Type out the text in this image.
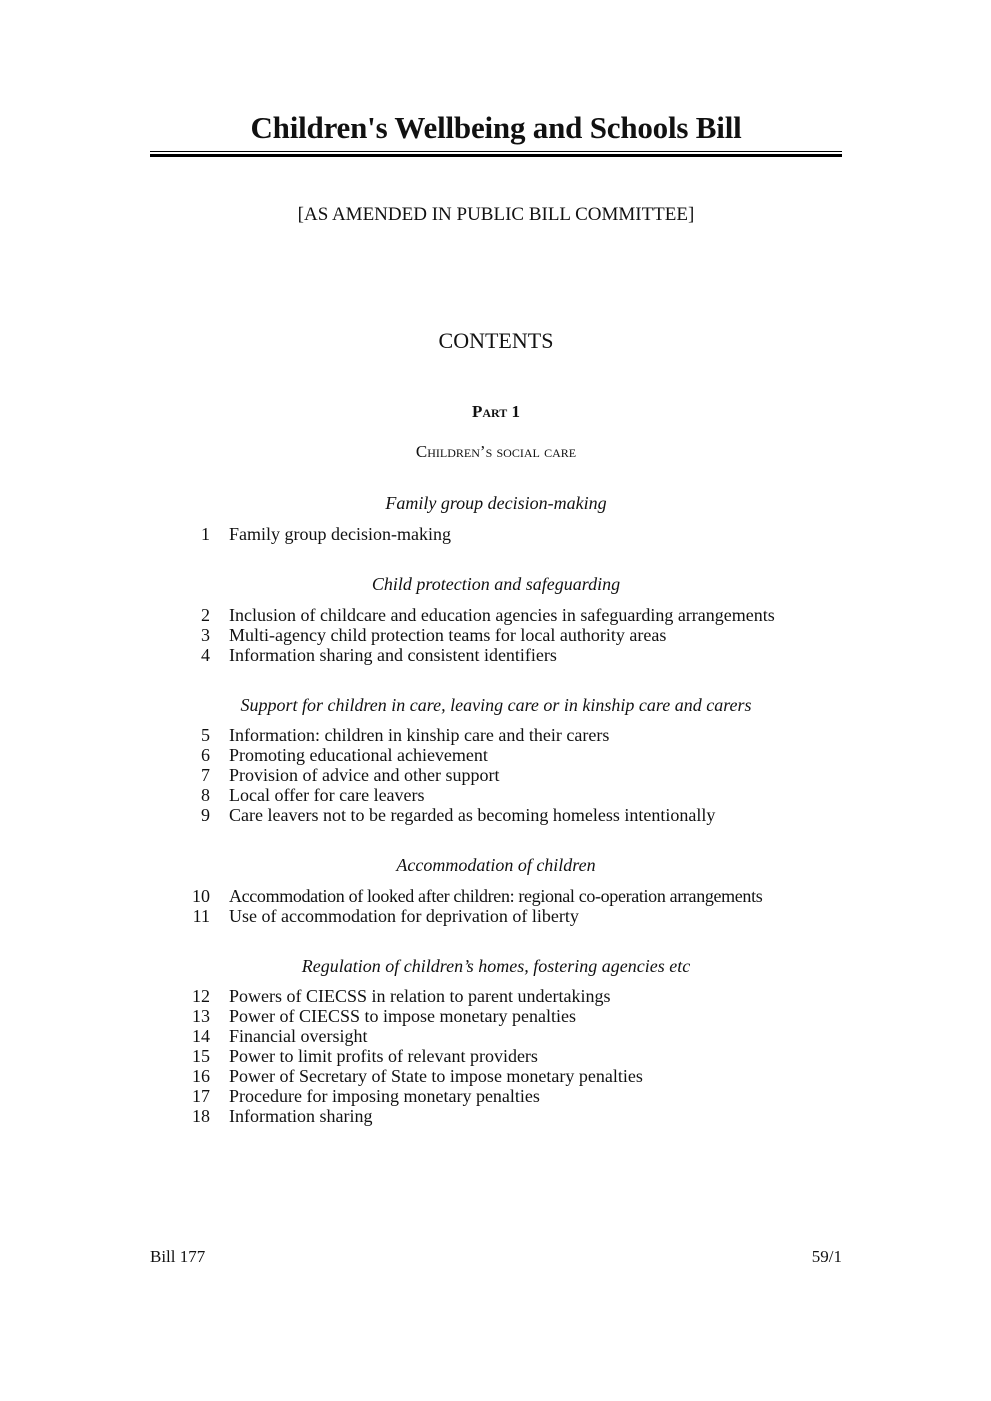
Children's Wellbeing and Schools Bill
[AS AMENDED IN PUBLIC BILL COMMITTEE]
CONTENTS
Part 1
Children’s social care
Family group decision-making
1 Family group decision-making
Child protection and safeguarding
2 Inclusion of childcare and education agencies in safeguarding arrangements
3 Multi-agency child protection teams for local authority areas
4 Information sharing and consistent identifiers
Support for children in care, leaving care or in kinship care and carers
5 Information: children in kinship care and their carers
6 Promoting educational achievement
7 Provision of advice and other support
8 Local offer for care leavers
9 Care leavers not to be regarded as becoming homeless intentionally
Accommodation of children
10 Accommodation of looked after children: regional co-operation arrangements
11 Use of accommodation for deprivation of liberty
Regulation of children’s homes, fostering agencies etc
12 Powers of CIECSS in relation to parent undertakings
13 Power of CIECSS to impose monetary penalties
14 Financial oversight
15 Power to limit profits of relevant providers
16 Power of Secretary of State to impose monetary penalties
17 Procedure for imposing monetary penalties
18 Information sharing
Bill 177	59/1
